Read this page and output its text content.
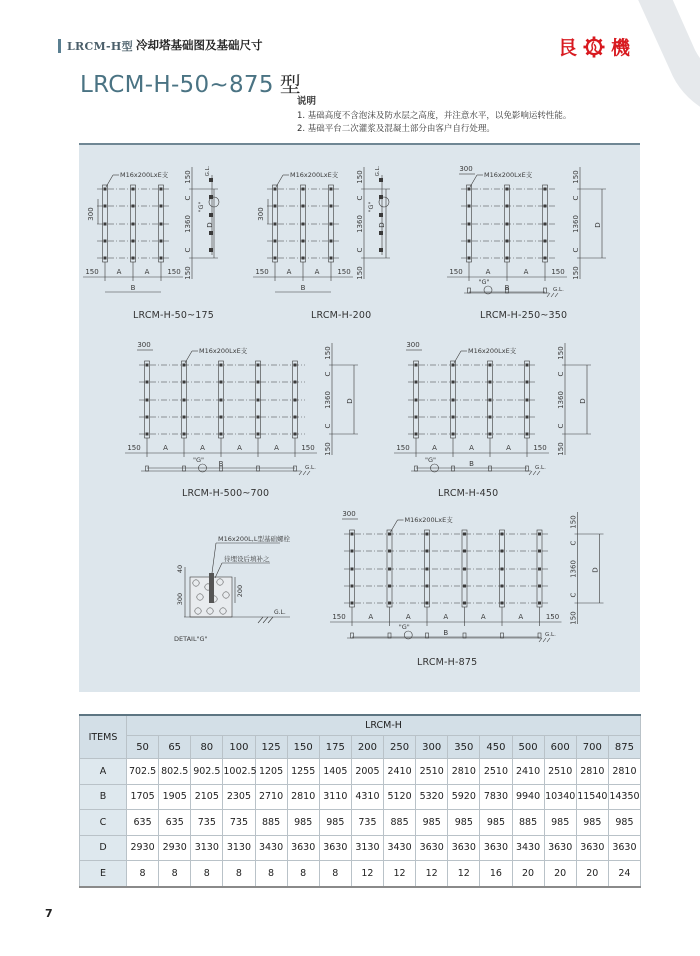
LRCM-H型 冷却塔基础图及基础尺寸	艮 機
LRCM-H-50~875 型
说明
1. 基础高度不含泡沫及防水层之高度，并注意水平，以免影响运转性能。
2. 基础平台二次灌浆及混凝土部分由客户自行处理。
M16x200LxE支
300
150	150
A	A
B
150
C
1360
C
150
D
"G"
G.L.	M16x200LxE支
300
150	150
A	A
B
150
C
1360
C
150
D
"G"
G.L.	M16x200LxE支
300
150	150
A	A
B
150
C
1360
C
150
D
"G"
G.L.
M16x200LxE支
300
150	150
A	A	A	A
B
150
C
1360
C
150
D
"G"
G.L.
M16x200LxE支
300
150	150
A	A	A
B
150
C
1360
C
150
D
"G"
G.L.
M16x200LxE支
300
150	150
A	A	A	A	A
B
150
C
1360
C
150
D
"G"
G.L.
M16x200L,L型基础螺栓
待埋设后填补之
40
300
200
G.L.
DETAIL"G"
LRCM-H-50~175	LRCM-H-200	LRCM-H-250~350
LRCM-H-500~700	LRCM-H-450
LRCM-H-875
ITEMS	LRCM-H															
	50	65	80	100	125	150	175	200	250	300	350	450	500	600	700	875
A	702.5	802.5	902.5	1002.5	1205	1255	1405	2005	2410	2510	2810	2510	2410	2510	2810	2810
B	1705	1905	2105	2305	2710	2810	3110	4310	5120	5320	5920	7830	9940	10340	11540	14350
C	635	635	735	735	885	985	985	735	885	985	985	985	885	985	985	985
D	2930	2930	3130	3130	3430	3630	3630	3130	3430	3630	3630	3630	3430	3630	3630	3630
E	8	8	8	8	8	8	8	12	12	12	12	16	20	20	20	24
7
